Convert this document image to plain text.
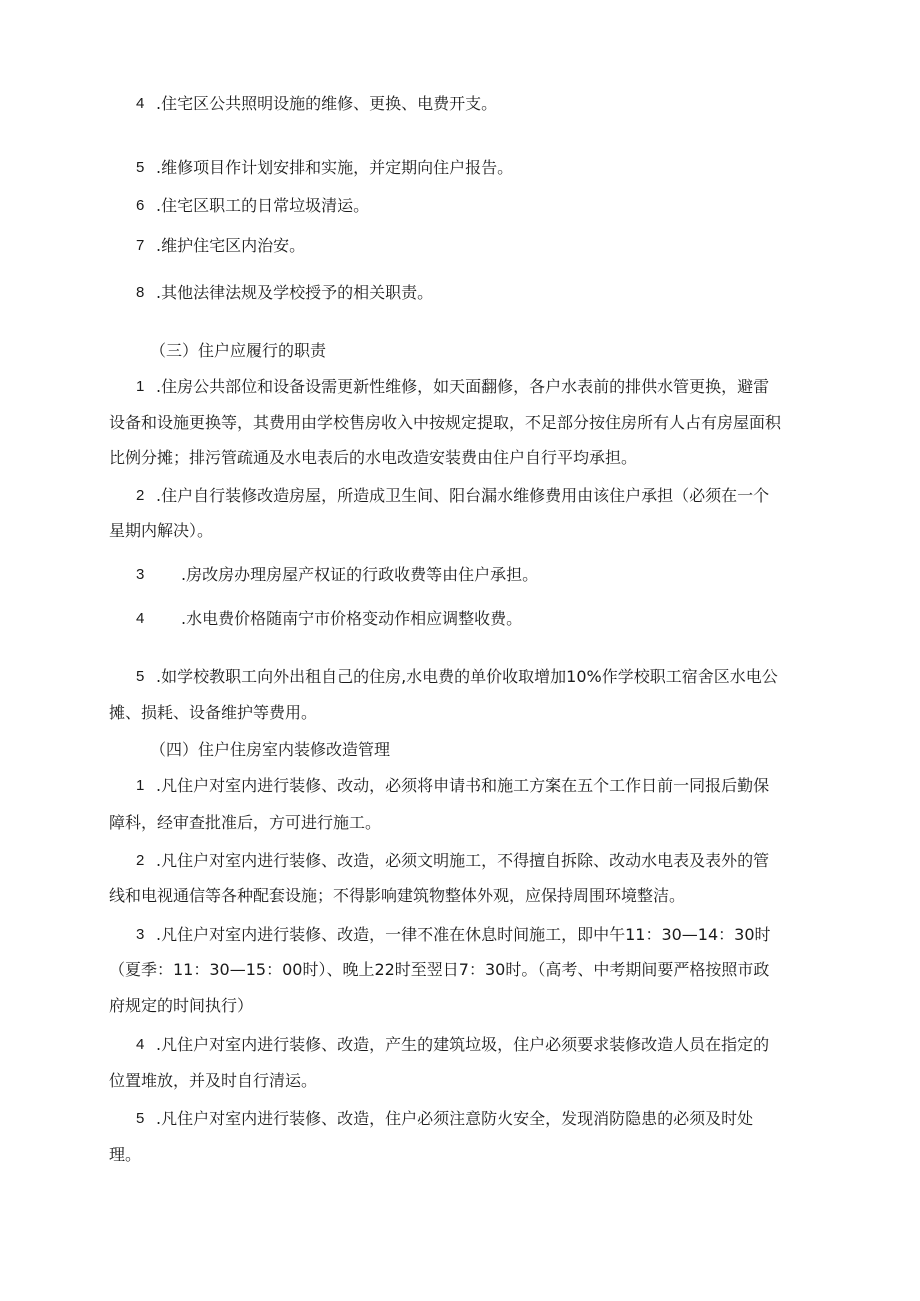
4 .住宅区公共照明设施的维修、更换、电费开支。
5 .维修项目作计划安排和实施，并定期向住户报告。
6 .住宅区职工的日常垃圾清运。
7 .维护住宅区内治安。
8 .其他法律法规及学校授予的相关职责。
（三）住户应履行的职责
1 .住房公共部位和设备设需更新性维修，如天面翻修，各户水表前的排供水管更换，避雷
设备和设施更换等，其费用由学校售房收入中按规定提取，不足部分按住房所有人占有房屋面积
比例分摊；排污管疏通及水电表后的水电改造安装费由住户自行平均承担。
2 .住户自行装修改造房屋，所造成卫生间、阳台漏水维修费用由该住户承担（必须在一个
星期内解决）。
3 .房改房办理房屋产权证的行政收费等由住户承担。
4 .水电费价格随南宁市价格变动作相应调整收费。
5 .如学校教职工向外出租自己的住房,水电费的单价收取增加10%作学校职工宿舍区水电公
摊、损耗、设备维护等费用。
（四）住户住房室内装修改造管理
1 .凡住户对室内进行装修、改动，必须将申请书和施工方案在五个工作日前一同报后勤保
障科，经审查批准后，方可进行施工。
2 .凡住户对室内进行装修、改造，必须文明施工，不得擅自拆除、改动水电表及表外的管
线和电视通信等各种配套设施；不得影响建筑物整体外观，应保持周围环境整洁。
3 .凡住户对室内进行装修、改造，一律不准在休息时间施工，即中午11：30—14：30时
（夏季：11：30—15：00时）、晚上22时至翌日7：30时。（高考、中考期间要严格按照市政
府规定的时间执行）
4 .凡住户对室内进行装修、改造，产生的建筑垃圾，住户必须要求装修改造人员在指定的
位置堆放，并及时自行清运。
5 .凡住户对室内进行装修、改造，住户必须注意防火安全，发现消防隐患的必须及时处
理。
